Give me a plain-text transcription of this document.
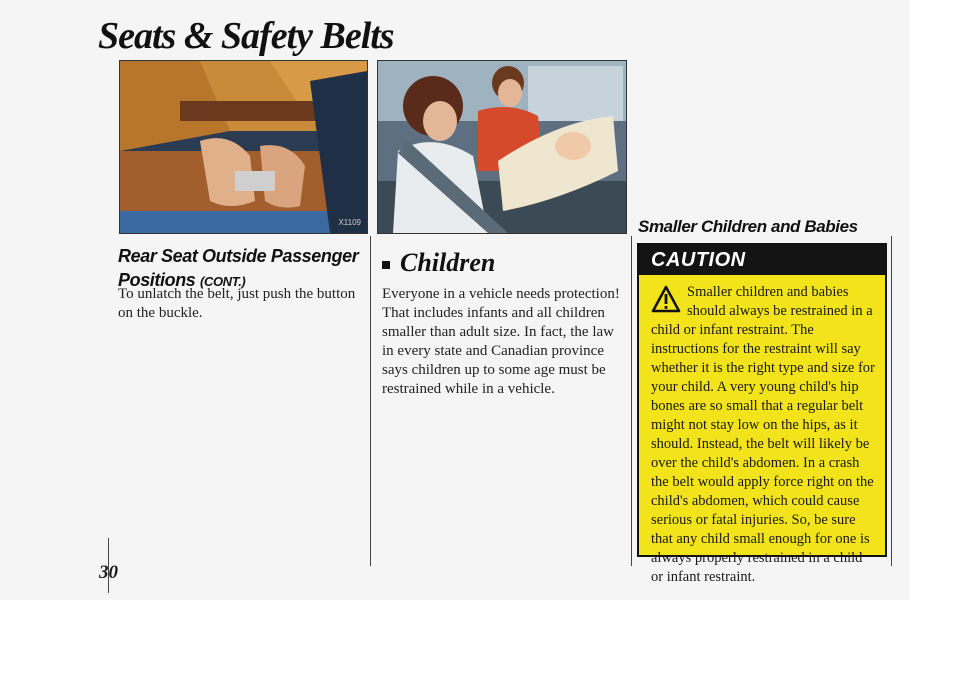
Seats & Safety Belts
X1109
Rear Seat Outside Passenger Positions (CONT.)
To unlatch the belt, just push the button on the buckle.
Children
Everyone in a vehicle needs protection! That includes infants and all children smaller than adult size. In fact, the law in every state and Canadian province says children up to some age must be restrained while in a vehicle.
Smaller Children and Babies
CAUTION
Smaller children and babies should always be restrained in a child or infant restraint. The instructions for the restraint will say whether it is the right type and size for your child. A very young child's hip bones are so small that a regular belt might not stay low on the hips, as it should. Instead, the belt will likely be over the child's abdomen. In a crash the belt would apply force right on the child's abdomen, which could cause serious or fatal injuries. So, be sure that any child small enough for one is always properly restrained in a child or infant restraint.
30
